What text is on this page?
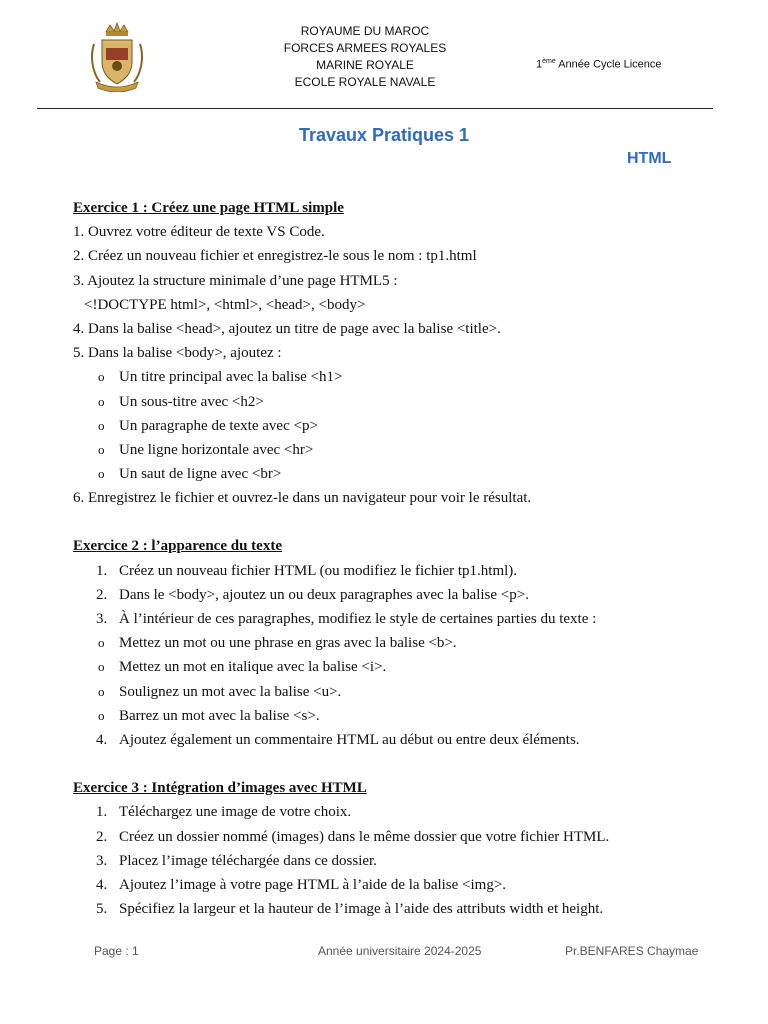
ROYAUME DU MAROC
FORCES ARMEES ROYALES
MARINE ROYALE
ECOLE ROYALE NAVALE
1ème Année Cycle Licence
Travaux Pratiques 1
HTML
Exercice 1 : Créez une page HTML simple
1. Ouvrez votre éditeur de texte VS Code.
2. Créez un nouveau fichier et enregistrez-le sous le nom : tp1.html
3. Ajoutez la structure minimale d’une page HTML5 :
<!DOCTYPE html>, <html>, <head>, <body>
4. Dans la balise <head>, ajoutez un titre de page avec la balise <title>.
5. Dans la balise <body>, ajoutez :
o Un titre principal avec la balise <h1>
o Un sous-titre avec <h2>
o Un paragraphe de texte avec <p>
o Une ligne horizontale avec <hr>
o Un saut de ligne avec <br>
6. Enregistrez le fichier et ouvrez-le dans un navigateur pour voir le résultat.
Exercice 2 : l’apparence du texte
1. Créez un nouveau fichier HTML (ou modifiez le fichier tp1.html).
2. Dans le <body>, ajoutez un ou deux paragraphes avec la balise <p>.
3. À l’intérieur de ces paragraphes, modifiez le style de certaines parties du texte :
o Mettez un mot ou une phrase en gras avec la balise <b>.
o Mettez un mot en italique avec la balise <i>.
o Soulignez un mot avec la balise <u>.
o Barrez un mot avec la balise <s>.
4. Ajoutez également un commentaire HTML au début ou entre deux éléments.
Exercice 3 : Intégration d’images avec HTML
1. Téléchargez une image de votre choix.
2. Créez un dossier nommé (images) dans le même dossier que votre fichier HTML.
3. Placez l’image téléchargée dans ce dossier.
4. Ajoutez l’image à votre page HTML à l’aide de la balise <img>.
5. Spécifiez la largeur et la hauteur de l’image à l’aide des attributs width et height.
Page : 1	Année universitaire 2024-2025	Pr.BENFARES Chaymae
